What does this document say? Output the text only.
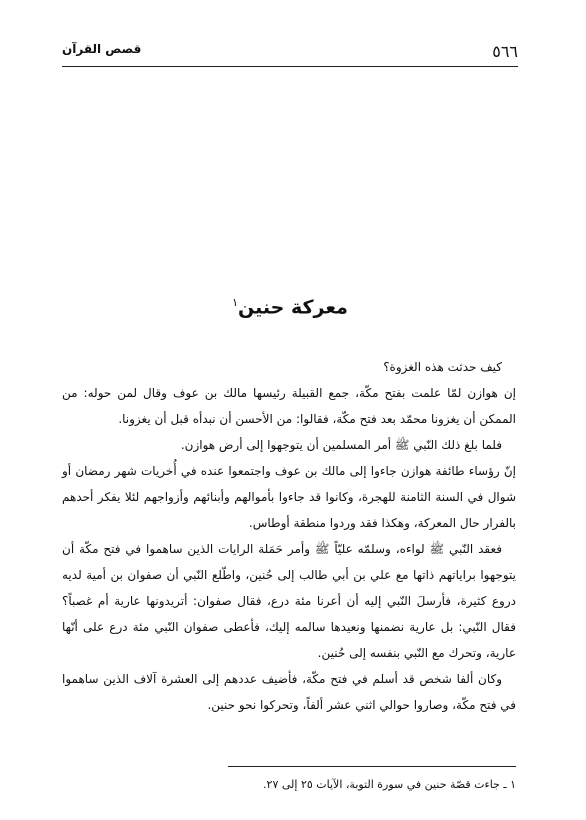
٥٦٦
قصص القرآن
معركة حنين$^١$

كيف حدثت هذه الغزوة؟

إن هوازن لمّا علمت بفتح مكّة، جمع القبيلة رئيسها مالك بن عوف وقال لمن حوله: من الممكن أن يغزونا محمّد بعد فتح مكّة، فقالوا: من الأحسن أن نبدأه قبل أن يغزونا.

فلما بلغ ذلك النّبي ﷺ أمر المسلمين أن يتوجهوا إلى أرض هوازن.

إنّ رؤساء طائفة هوازن جاءوا إلى مالك بن عوف واجتمعوا عنده في أُخريات شهر رمضان أو شوال في السنة الثامنة للهجرة، وكانوا قد جاءوا بأموالهم وأبنائهم وأزواجهم لئلا يفكر أحدهم بالفرار حال المعركة، وهكذا فقد وردوا منطقة أوطاس.

فعقد النّبي ﷺ لواءه، وسلمّه عليّاً ﷺ وأمر حَمَلة الرايات الذين ساهموا في فتح مكّة أن يتوجهوا براياتهم ذاتها مع علي بن أبي طالب إلى حُنين، واطّلع النّبي أن صفوان بن أمية لديه دروع كثيرة، فأرسلَ النّبي إليه أن أعرنا مئة درع، فقال صفوان: أتريدونها عارية أم غصباً؟ فقال النّبي: بل عارية نضمنها ونعيدها سالمه إليك، فأعطى صفوان النّبي مئة درع على أنّها عارية، وتحرك مع النّبي بنفسه إلى حُنين.

وكان ألفا شخص قد أسلم في فتح مكّة، فأضيف عددهم إلى العشرة آلاف الذين ساهموا في فتح مكّة، وصاروا حوالي اثني عشر ألفاً، وتحركوا نحو حنين.

١ ـ جاءت قصّة حنين في سورة التوبة، الآيات ٢٥ إلى ٢٧.
